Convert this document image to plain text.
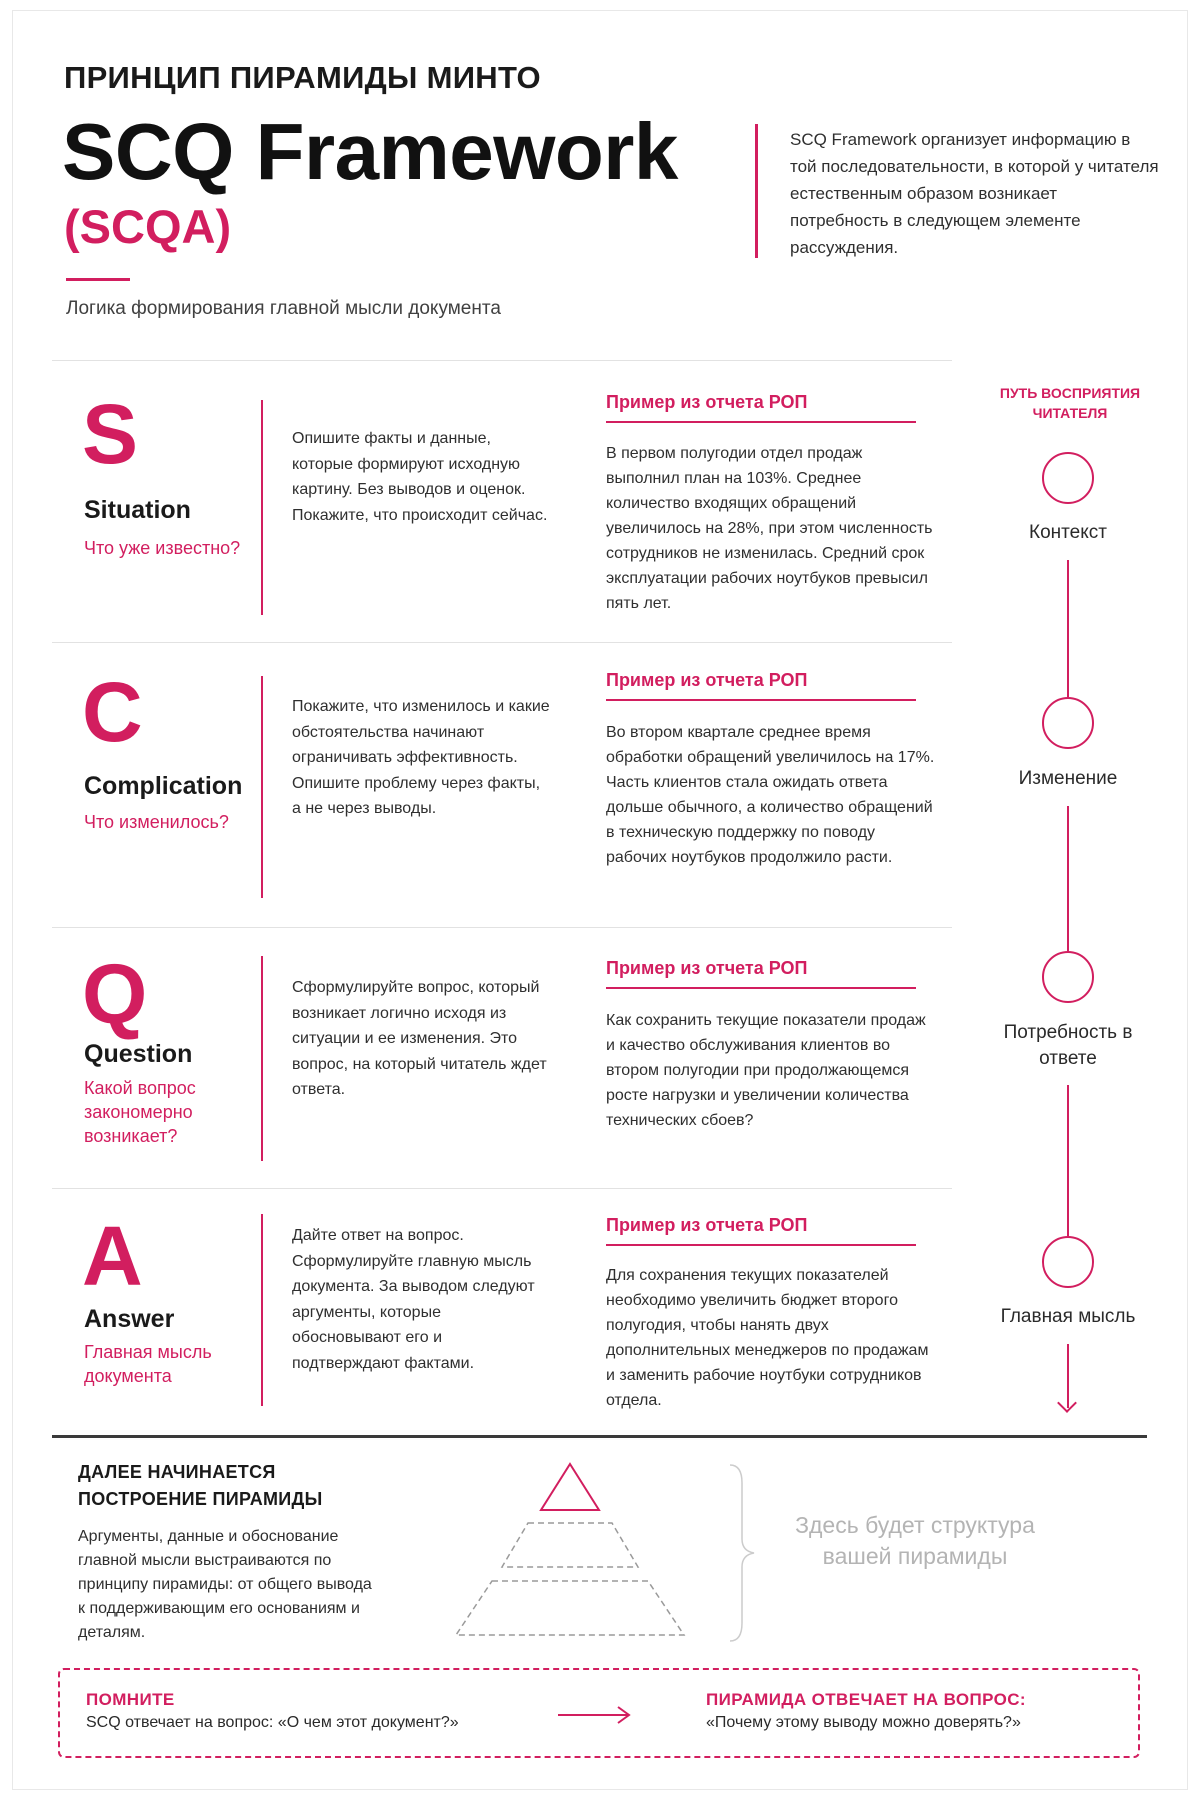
ПРИНЦИП ПИРАМИДЫ МИНТО
SCQ Framework
(SCQA)
Логика формирования главной мысли документа
SCQ Framework организует информацию в той последовательности, в которой у читателя естественным образом возникает потребность в следующем элементе рассуждения.
S
Situation
Что уже известно?
Опишите факты и данные, которые формируют исходную картину. Без выводов и оценок. Покажите, что происходит сейчас.
Пример из отчета РОП
В первом полугодии отдел продаж выполнил план на 103%. Среднее количество входящих обращений увеличилось на 28%, при этом численность сотрудников не изменилась. Средний срок эксплуатации рабочих ноутбуков превысил пять лет.
C
Complication
Что изменилось?
Покажите, что изменилось и какие обстоятельства начинают ограничивать эффективность. Опишите проблему через факты, а не через выводы.
Пример из отчета РОП
Во втором квартале среднее время обработки обращений увеличилось на 17%. Часть клиентов стала ожидать ответа дольше обычного, а количество обращений в техническую поддержку по поводу рабочих ноутбуков продолжило расти.
Q
Question
Какой вопрос закономерно возникает?
Сформулируйте вопрос, который возникает логично исходя из ситуации и ее изменения. Это вопрос, на который читатель ждет ответа.
Пример из отчета РОП
Как сохранить текущие показатели продаж и качество обслуживания клиентов во втором полугодии при продолжающемся росте нагрузки и увеличении количества технических сбоев?
A
Answer
Главная мысль документа
Дайте ответ на вопрос. Сформулируйте главную мысль документа. За выводом следуют аргументы, которые обосновывают его и подтверждают фактами.
Пример из отчета РОП
Для сохранения текущих показателей необходимо увеличить бюджет второго полугодия, чтобы нанять двух дополнительных менеджеров по продажам и заменить рабочие ноутбуки сотрудников отдела.
ПУТЬ ВОСПРИЯТИЯ ЧИТАТЕЛЯ
Контекст
Изменение
Потребность в ответе
Главная мысль
ДАЛЕЕ НАЧИНАЕТСЯ ПОСТРОЕНИЕ ПИРАМИДЫ
Аргументы, данные и обоснование главной мысли выстраиваются по принципу пирамиды: от общего вывода к поддерживающим его основаниям и деталям.
Здесь будет структура вашей пирамиды
ПОМНИТЕ
SCQ отвечает на вопрос: «О чем этот документ?»
ПИРАМИДА ОТВЕЧАЕТ НА ВОПРОС:
«Почему этому выводу можно доверять?»
